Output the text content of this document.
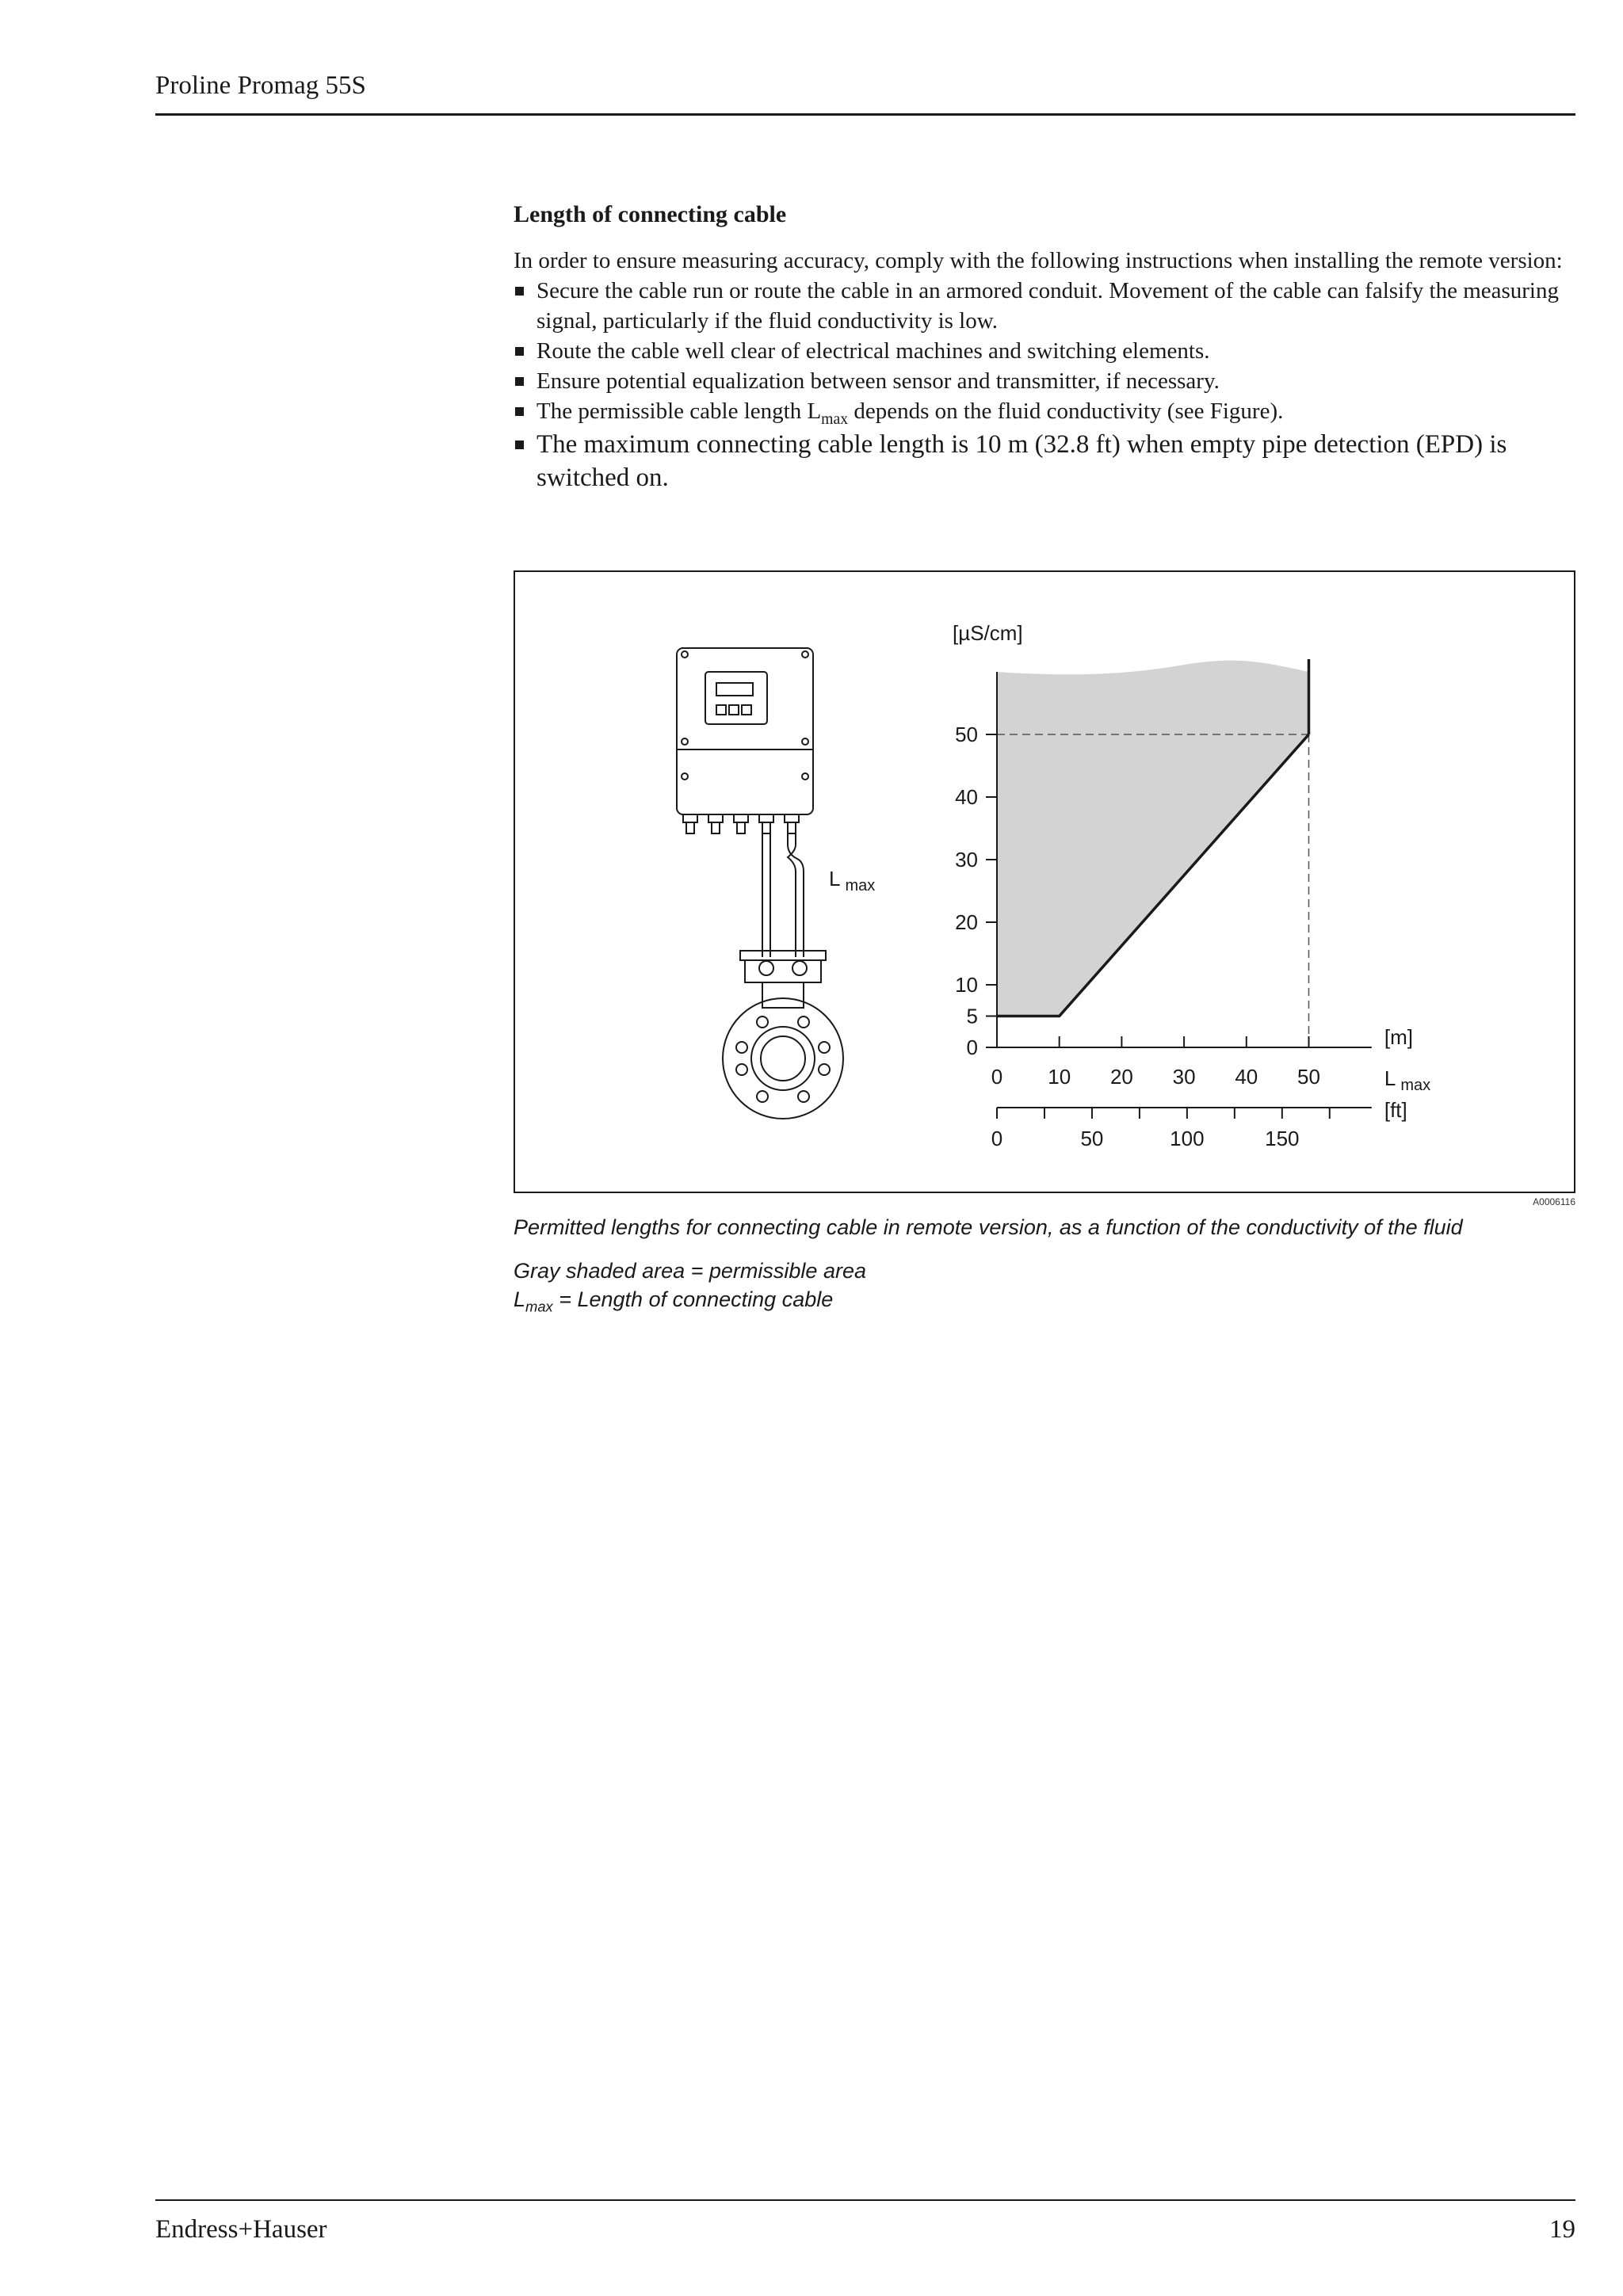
Proline Promag 55S
Length of connecting cable

In order to ensure measuring accuracy, comply with the following instructions when installing the remote version:

Secure the cable run or route the cable in an armored conduit. Movement of the cable can falsify the measuring signal, particularly if the fluid conductivity is low.
Route the cable well clear of electrical machines and switching elements.
Ensure potential equalization between sensor and transmitter, if necessary.
The permissible cable length $L_{max}$ depends on the fluid conductivity (see Figure).
The maximum connecting cable length is 10 m (32.8 ft) when empty pipe detection (EPD) is switched on.
L $_{max}$
0
5
10
20
30
40
50
0 10 20 30 40 50
0	50	100	150
[µS/cm]
[m]
L $_{max}$
[ft]
A0006116
Permitted lengths for connecting cable in remote version, as a function of the conductivity of the fluid
Gray shaded area = permissible area
$L_{max}$ = Length of connecting cable
Endress+Hauser	19
